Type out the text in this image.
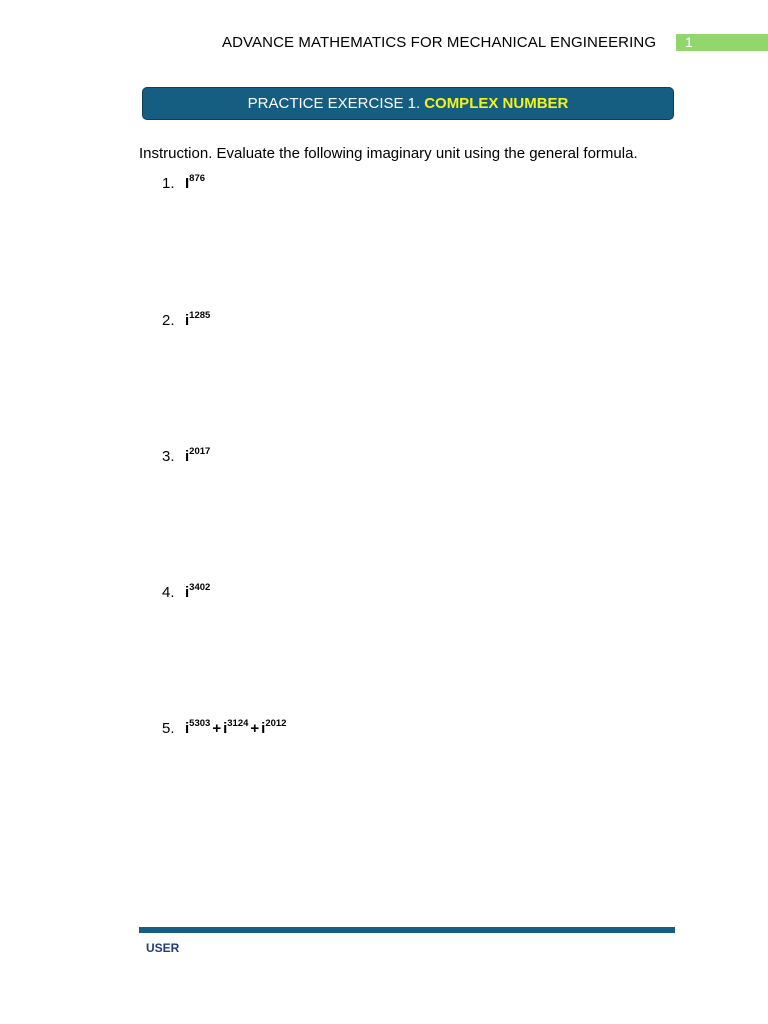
ADVANCE MATHEMATICS FOR MECHANICAL ENGINEERING	1
PRACTICE EXERCISE 1. COMPLEX NUMBER
Instruction. Evaluate the following imaginary unit using the general formula.
1. $I^{876}$
2. $i^{1285}$
3. $i^{2017}$
4. $i^{3402}$
5. $i^{5303} + i^{3124} + i^{2012}$
USER
